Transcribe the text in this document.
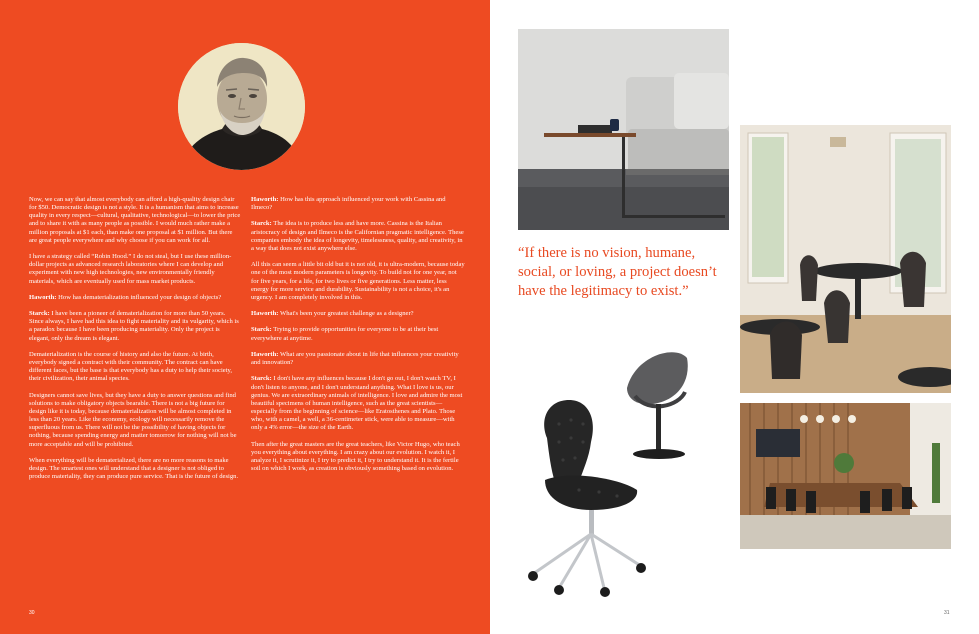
Now, we can say that almost everybody can afford a high-quality design chair for $50. Democratic design is not a style. It is a humanism that aims to increase quality in every respect—cultural, qualitative, technological—to lower the price and to share it with as many people as possible. I would much rather make a million proposals at $1 each, than make one proposal at $1 million. But there are great people everywhere and why choose if you can work for all.

I have a strategy called “Robin Hood.” I do not steal, but I use these million-dollar projects as advanced research laboratories where I can develop and experiment with new high technologies, new environmentally friendly materials, which are eventually used for mass market products.

Haworth: How has dematerialization influenced your design of objects?

Starck: I have been a pioneer of dematerialization for more than 50 years. Since always, I have had this idea to fight materiality and its vulgarity, which is a paradox because I have been producing materiality. Only the project is elegant, only the dream is elegant.

Dematerialization is the course of history and also the future. At birth, everybody signed a contract with their community. The contract can have different faces, but the base is that everybody has a duty to help their society, their civilization, their animal species.

Designers cannot save lives, but they have a duty to answer questions and find solutions to make obligatory objects bearable. There is not a big future for design like it is today, because dematerialization will be almost completed in less than 20 years. Like the economy, ecology will necessarily remove the superfluous from us. There will not be the possibility of having objects for nothing, because spending energy and matter tomorrow for nothing will not be more acceptable and will be prohibited.

When everything will be dematerialized, there are no more reasons to make design. The smartest ones will understand that a designer is not obliged to produce materiality, they can produce pure service. That is the future of design.

Haworth: How has this approach influenced your work with Cassina and Ilmeco?

Starck: The idea is to produce less and have more. Cassina is the Italian aristocracy of design and Ilmeco is the Californian pragmatic intelligence. These companies embody the idea of longevity, timelessness, quality, and creativity, in a way that does not exist anywhere else.

All this can seem a little bit old but it is not old, it is ultra-modern, because today one of the most modern parameters is longevity. To build not for one year, not for five years, for a life, for two lives or five generations. Less matter, less energy for more service and durability. Sustainability is not a choice, it's an urgency. I am completely involved in this.

Haworth: What's been your greatest challenge as a designer?

Starck: Trying to provide opportunities for everyone to be at their best everywhere at anytime.

Haworth: What are you passionate about in life that influences your creativity and innovation?

Starck: I don't have any influences because I don't go out, I don't watch TV, I don't listen to anyone, and I don't understand anything. What I love is us, our genius. We are extraordinary animals of intelligence. I love and admire the most beautiful specimens of human intelligence, such as the great scientists—especially from the beginning of science—like Eratosthenes and Plato. Those who, with a camel, a well, a 36-centimeter stick, were able to measure—with only a 4% error—the size of the Earth.

Then after the great masters are the great teachers, like Victor Hugo, who teach you everything about everything. I am crazy about our evolution. I watch it, I analyze it, I scrutinize it, I try to predict it, I try to understand it. It is the fertile soil on which I work, as creation is obviously something based on evolution.

30
“If there is no vision, humane, social, or loving, a project doesn’t have the legitimacy to exist.”
31
